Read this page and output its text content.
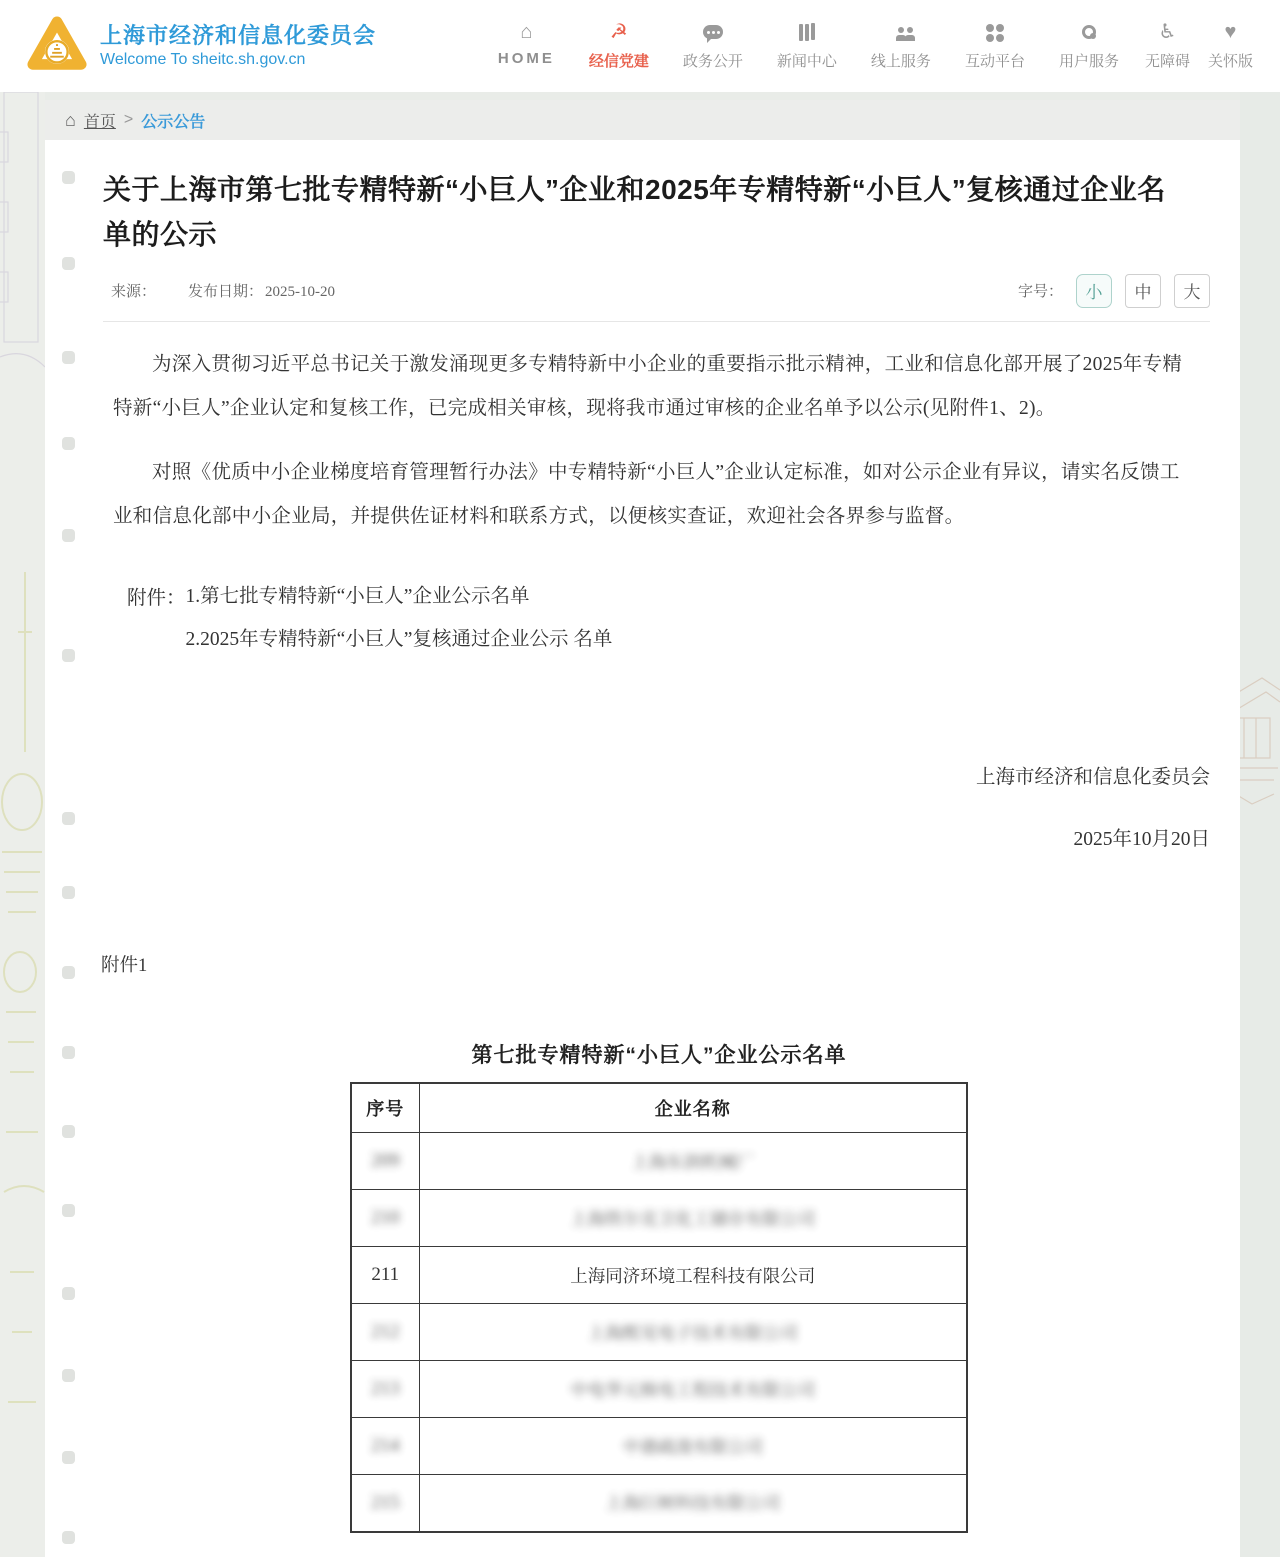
上海市经济和信息化委员会
Welcome To sheitc.sh.gov.cn
⌂
HOME
☭
经信党建 政务公开 新闻中心 线上服务 互动平台 用户服务
♿
无障碍
♥
关怀版
⌂ 首页 > 公示公告
关于上海市第七批专精特新“小巨人”企业和2025年专精特新“小巨人”复核通过企业名单的公示
来源： 发布日期： 2025-10-20	字号：	小	中	大

为深入贯彻习近平总书记关于激发涌现更多专精特新中小企业的重要指示批示精神，工业和信息化部开展了2025年专精特新“小巨人”企业认定和复核工作，已完成相关审核，现将我市通过审核的企业名单予以公示(见附件1、2)。

对照《优质中小企业梯度培育管理暂行办法》中专精特新“小巨人”企业认定标准，如对公示企业有异议，请实名反馈工业和信息化部中小企业局，并提供佐证材料和联系方式，以便核实查证，欢迎社会各界参与监督。

附件： 1.第七批专精特新“小巨人”企业公示名单
2.2025年专精特新“小巨人”复核通过企业公示 名单
上海市经济和信息化委员会
2025年10月20日
附件1
第七批专精特新“小巨人”企业公示名单
序号	企业名称
209	上海东润机械厂
210	上海铁尔克卫化工储存有限公司
211	上海同济环境工程科技有限公司
212	上海熙见电子技术有限公司
213	中电华元核电工程技术有限公司
214	中港疏浚有限公司
215	上海巨树科技有限公司
